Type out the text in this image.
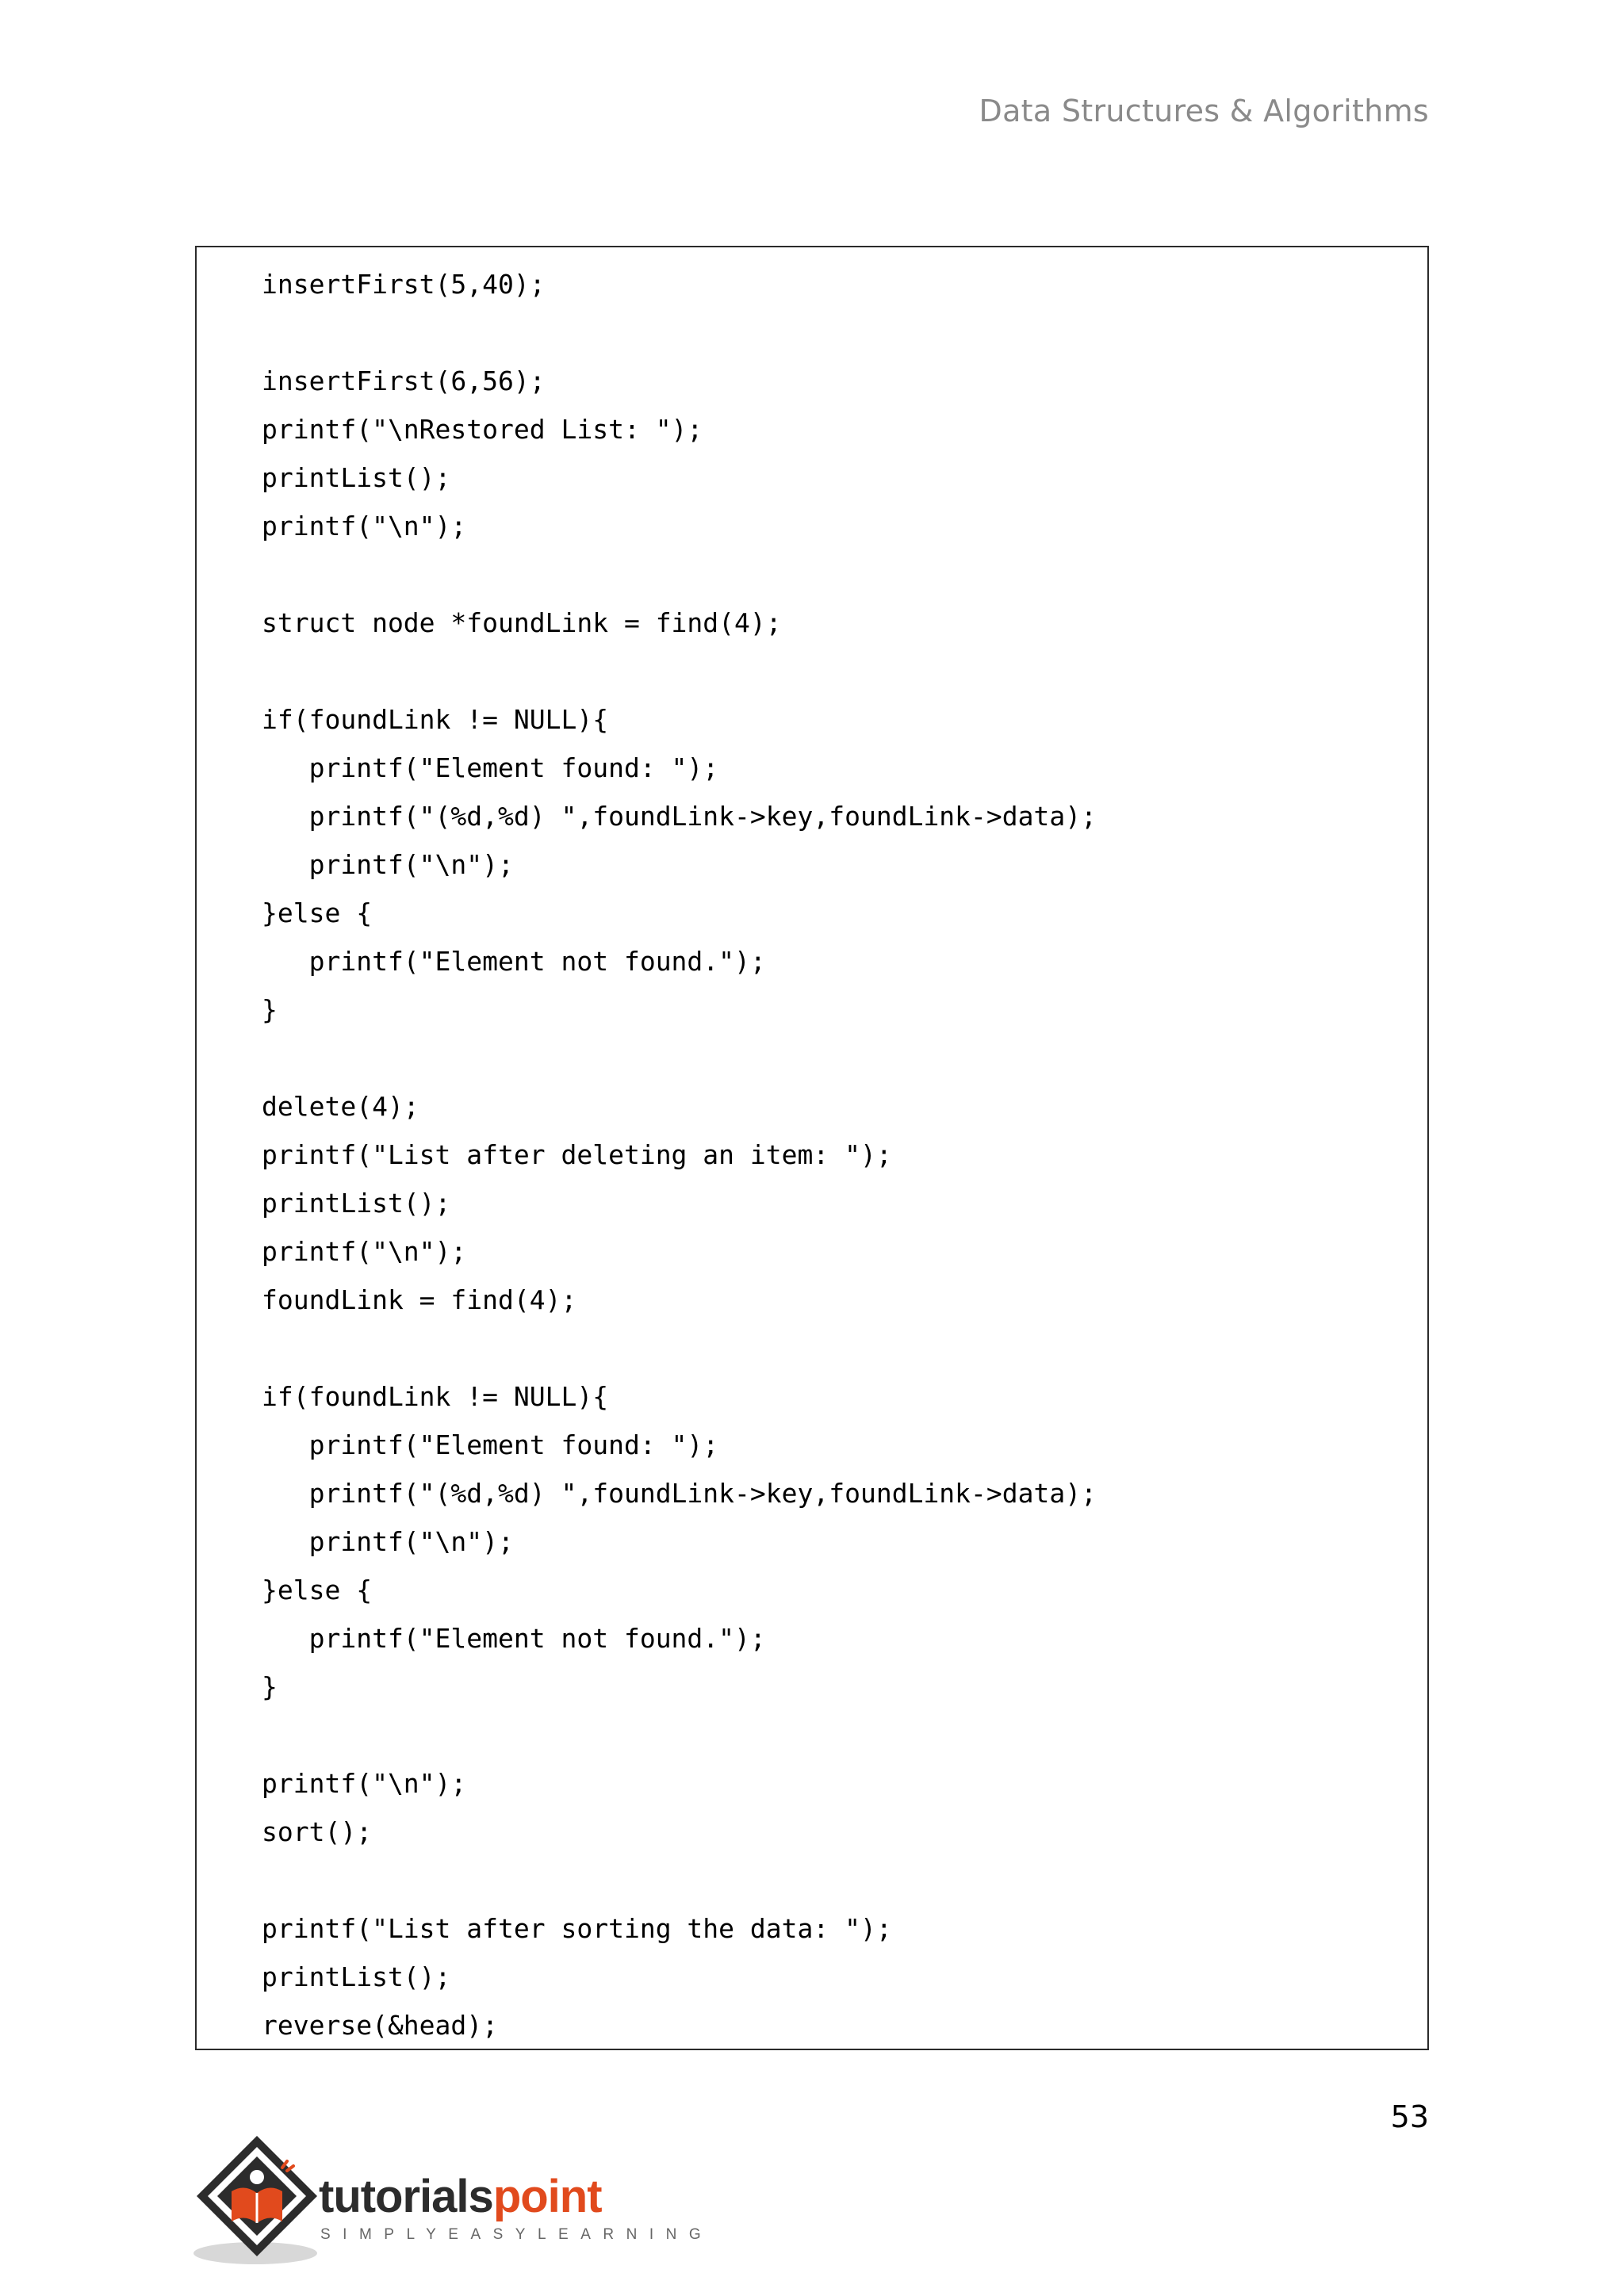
Data Structures & Algorithms
insertFirst(5,40);
insertFirst(6,56);
printf("\nRestored List: ");
printList();
printf("\n");
struct node *foundLink = find(4);
if(foundLink != NULL){
printf("Element found: ");
printf("(%d,%d) ",foundLink->key,foundLink->data);
printf("\n");
}else {
printf("Element not found.");
}
delete(4);
printf("List after deleting an item: ");
printList();
printf("\n");
foundLink = find(4);
if(foundLink != NULL){
printf("Element found: ");
printf("(%d,%d) ",foundLink->key,foundLink->data);
printf("\n");
}else {
printf("Element not found.");
}
printf("\n");
sort();
printf("List after sorting the data: ");
printList();
reverse(&head);
53
tutorialspoint
SIMPLYEASYLEARNING
